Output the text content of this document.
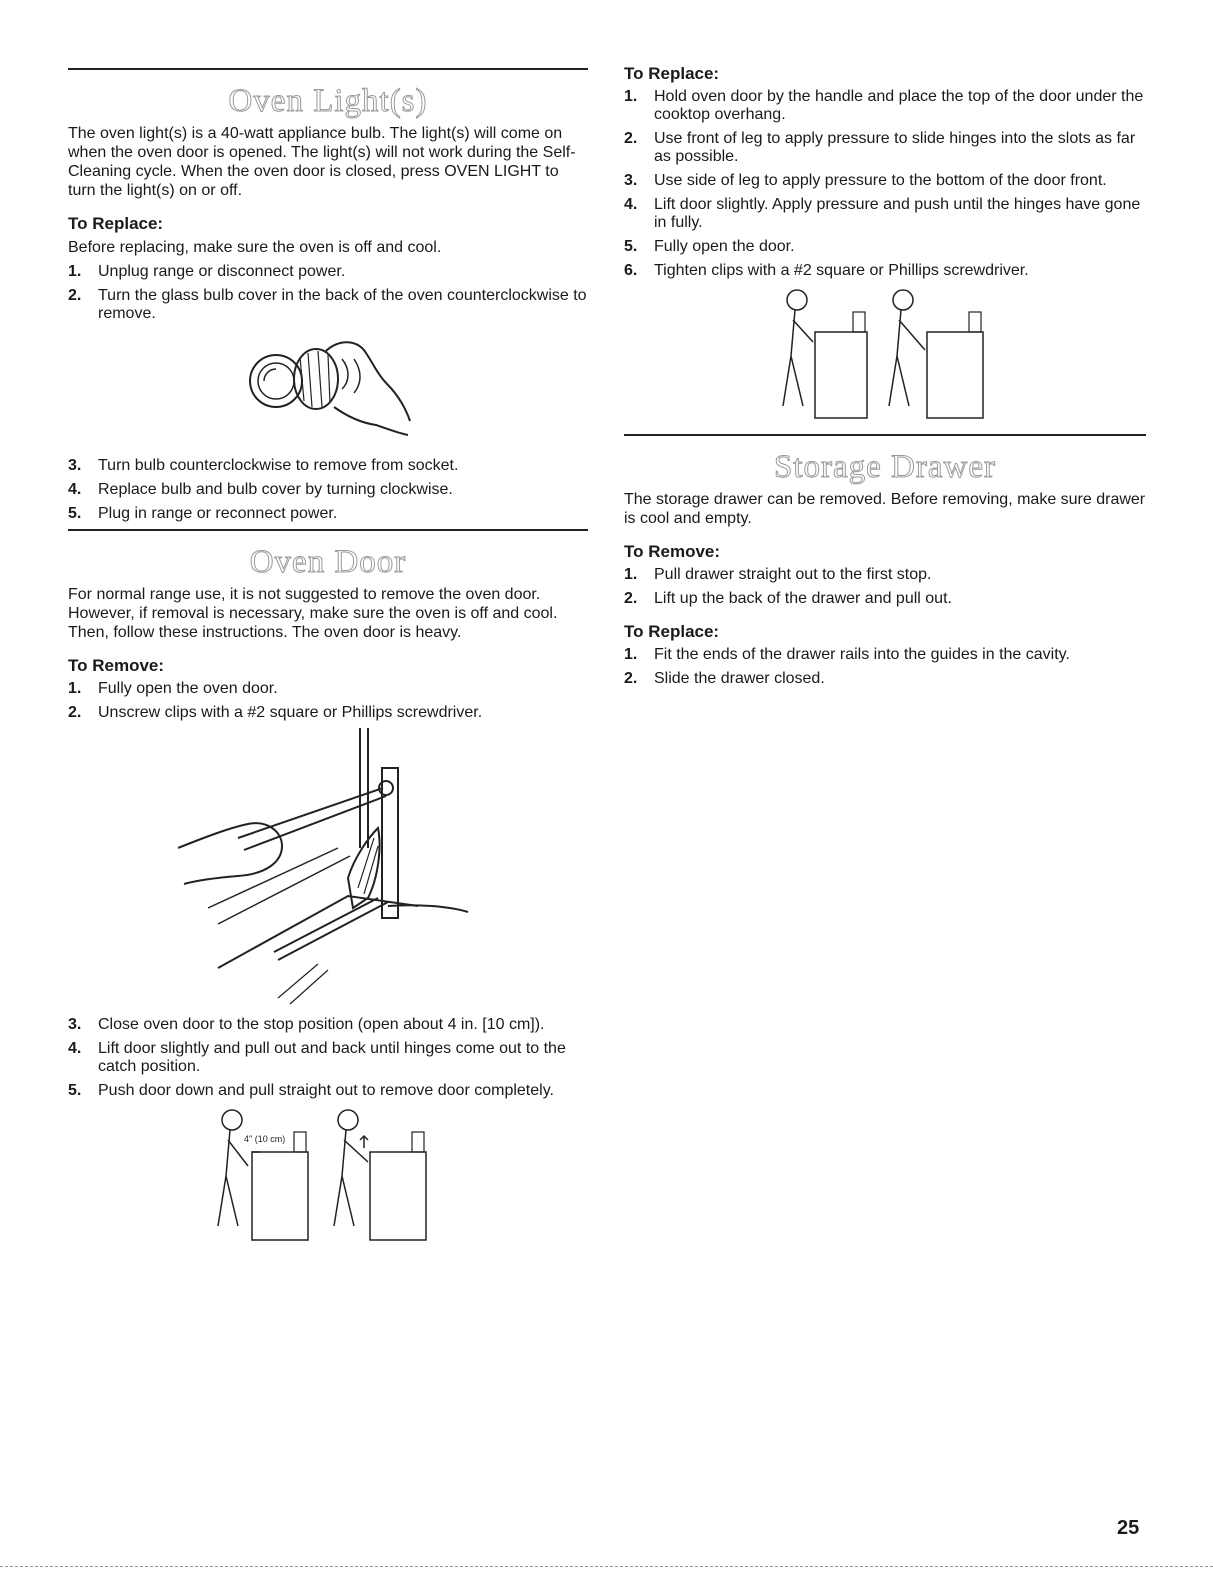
Oven Light(s)

The oven light(s) is a 40-watt appliance bulb. The light(s) will come on when the oven door is opened. The light(s) will not work during the Self-Cleaning cycle. When the oven door is closed, press OVEN LIGHT to turn the light(s) on or off.

To Replace:

Before replacing, make sure the oven is off and cool.

1.	Unplug range or disconnect power.
2.	Turn the glass bulb cover in the back of the oven counterclockwise to remove.
3.	Turn bulb counterclockwise to remove from socket.
4.	Replace bulb and bulb cover by turning clockwise.
5.	Plug in range or reconnect power.
Oven Door

For normal range use, it is not suggested to remove the oven door. However, if removal is necessary, make sure the oven is off and cool. Then, follow these instructions. The oven door is heavy.

To Remove:
1.	Fully open the oven door.
2.	Unscrew clips with a #2 square or Phillips screwdriver.
3.	Close oven door to the stop position (open about 4 in. [10 cm]).
4.	Lift door slightly and pull out and back until hinges come out to the catch position.
5.	Push door down and pull straight out to remove door completely.
4" (10 cm)
To Replace:
1.	Hold oven door by the handle and place the top of the door under the cooktop overhang.
2.	Use front of leg to apply pressure to slide hinges into the slots as far as possible.
3.	Use side of leg to apply pressure to the bottom of the door front.
4.	Lift door slightly. Apply pressure and push until the hinges have gone in fully.
5.	Fully open the door.
6.	Tighten clips with a #2 square or Phillips screwdriver.
Storage Drawer

The storage drawer can be removed. Before removing, make sure drawer is cool and empty.

To Remove:
1.	Pull drawer straight out to the first stop.
2.	Lift up the back of the drawer and pull out.
To Replace:
1.	Fit the ends of the drawer rails into the guides in the cavity.
2.	Slide the drawer closed.
25
